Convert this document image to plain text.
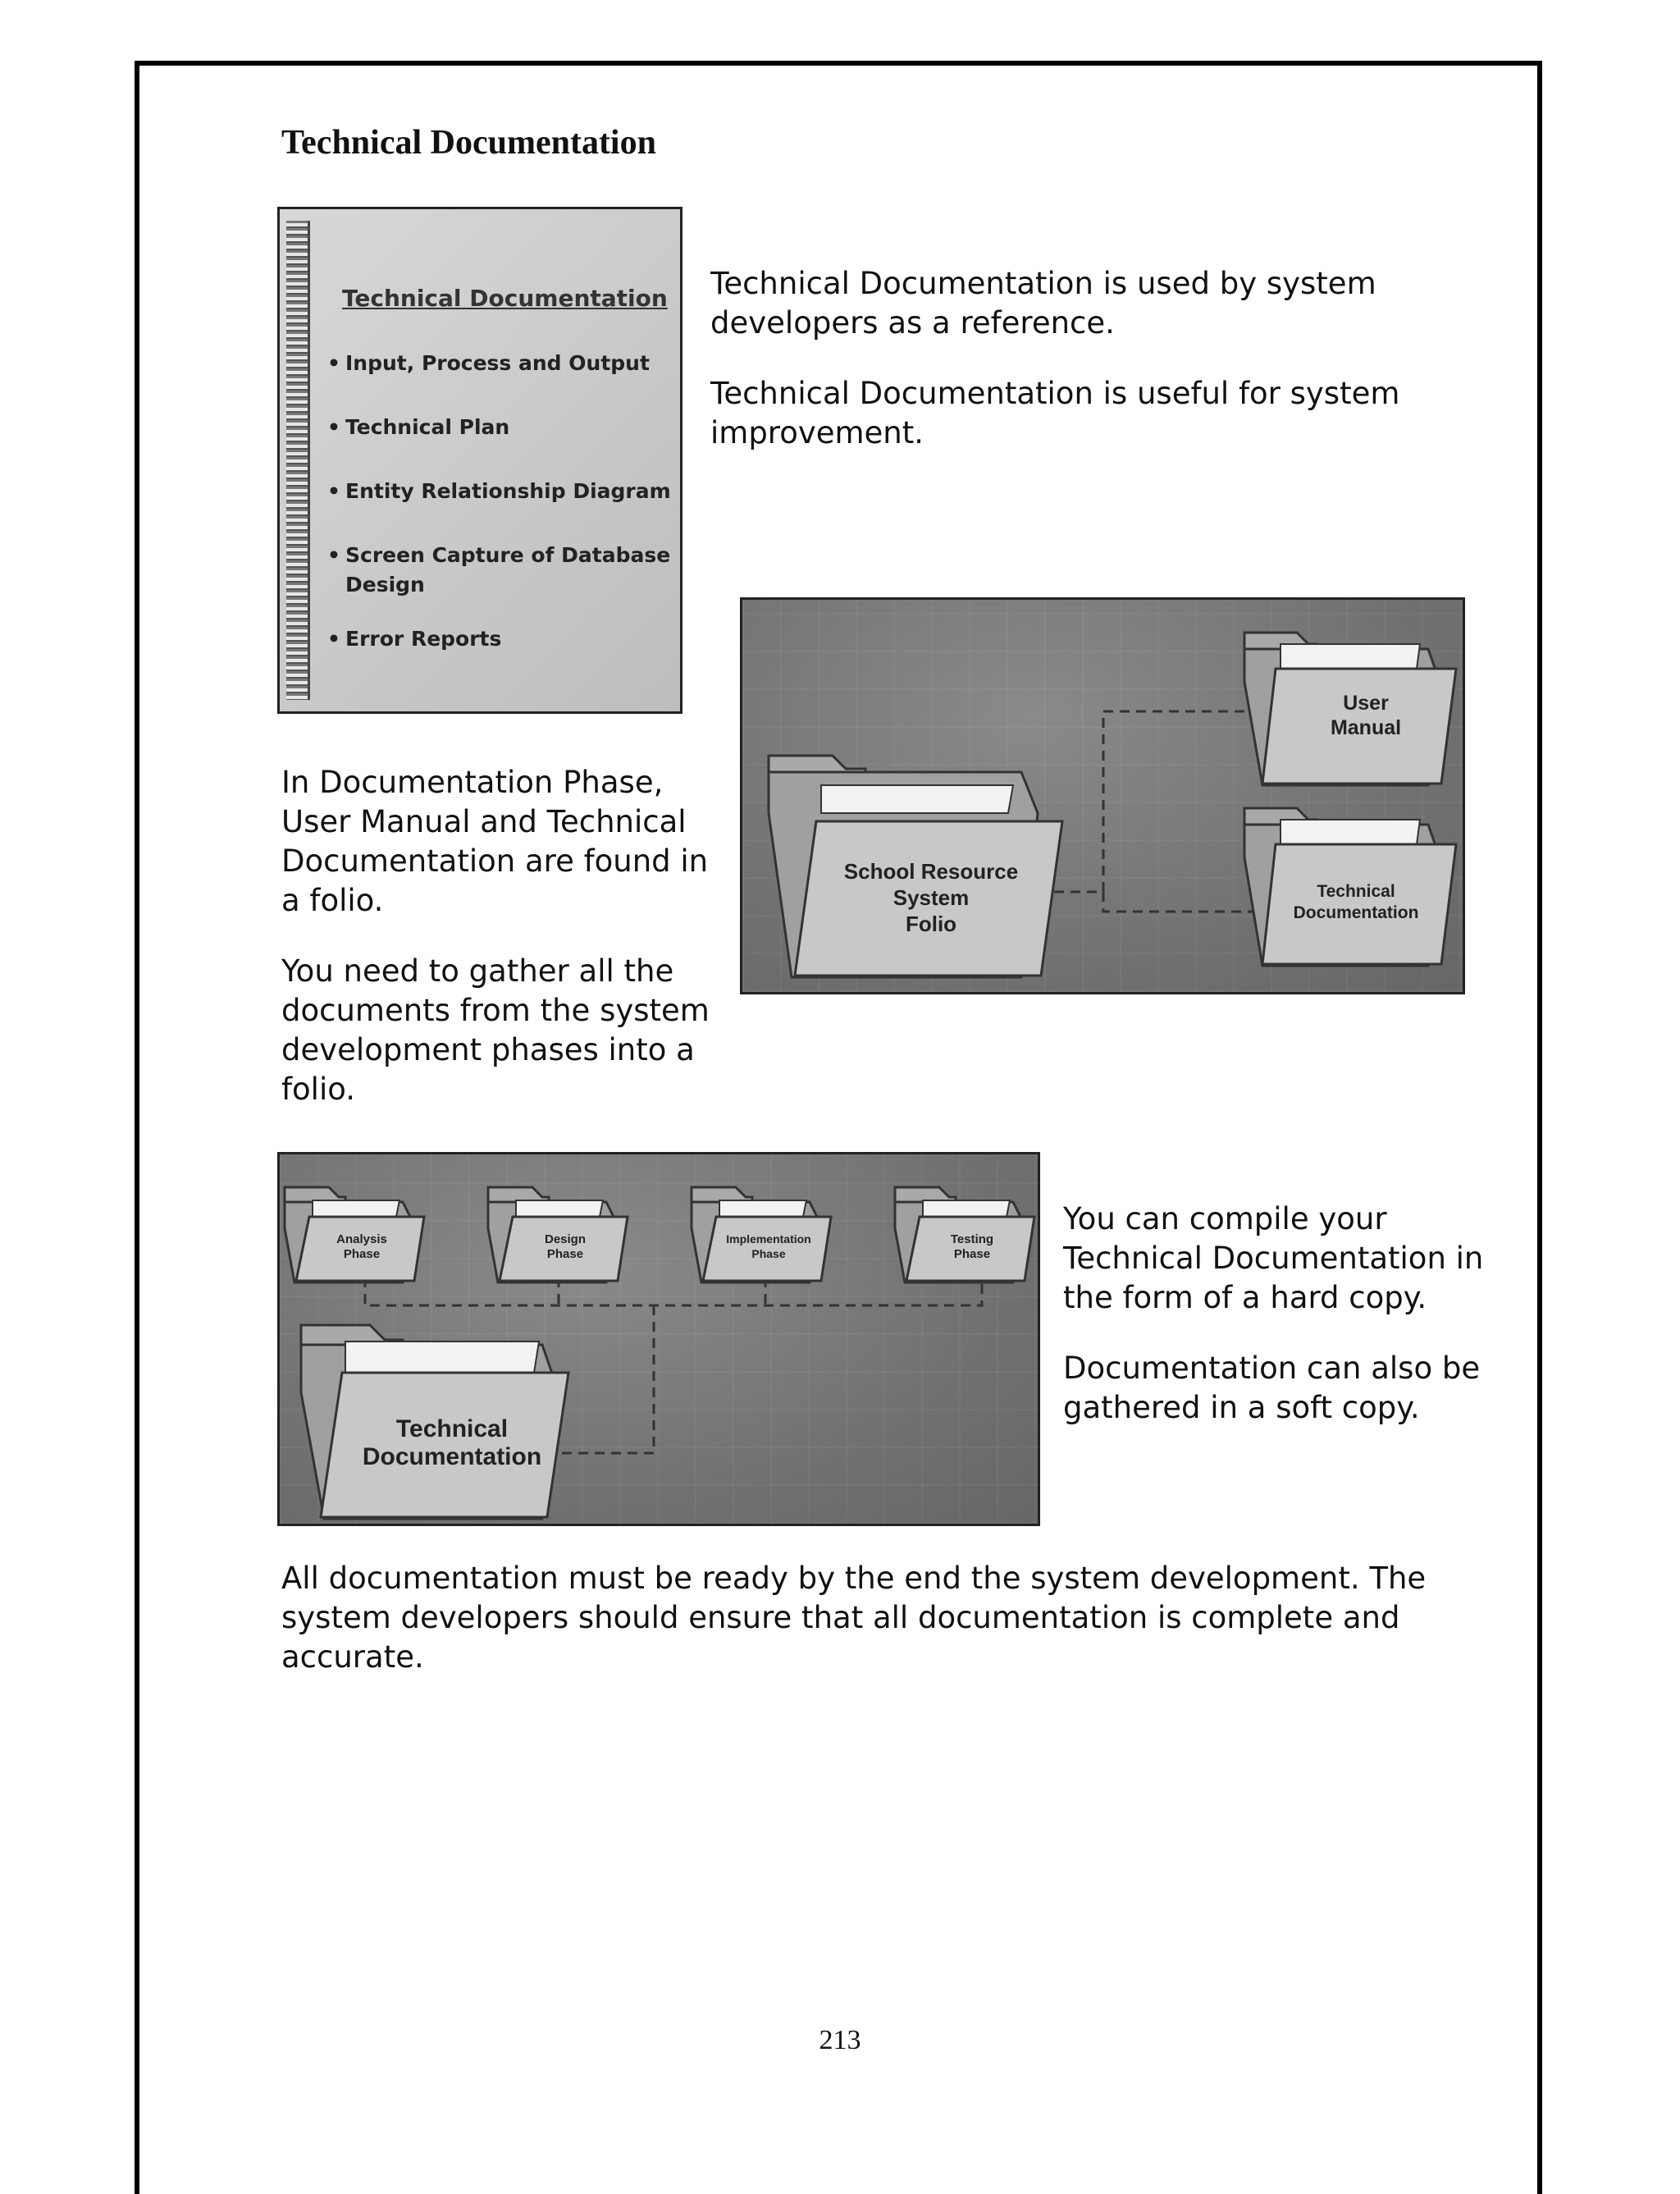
Technical Documentation
Technical Documentation
• Input, Process and Output
• Technical Plan
• Entity Relationship Diagram
• Screen Capture of Database Design
• Error Reports

Technical Documentation is used by system developers as a reference.

Technical Documentation is useful for system improvement.

School Resource
System
Folio
User
Manual
Technical
Documentation

In Documentation Phase, User Manual and Technical Documentation are found in a folio.

You need to gather all the documents from the system development phases into a folio.

Analysis
Phase
Design
Phase
Implementation
Phase
Testing
Phase
Technical
Documentation

You can compile your Technical Documentation in the form of a hard copy.

Documentation can also be gathered in a soft copy.

All documentation must be ready by the end the system development. The system developers should ensure that all documentation is complete and accurate.

213
